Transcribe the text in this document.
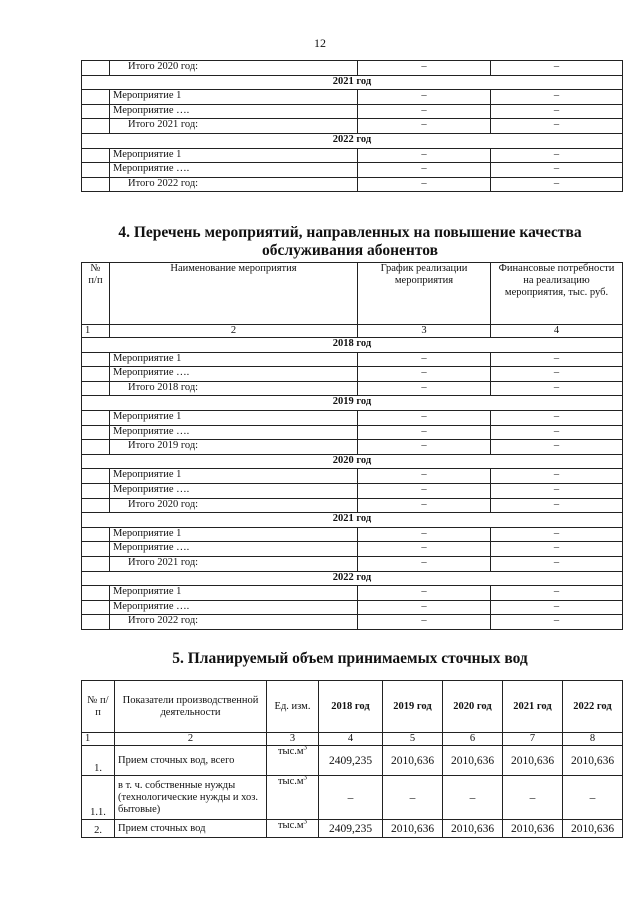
12
	Итого 2020 год:	–	–
2021 год			
	Мероприятие 1	–	–
	Мероприятие ….	–	–
	Итого 2021 год:	–	–
2022 год			
	Мероприятие 1	–	–
	Мероприятие ….	–	–
	Итого 2022 год:	–	–
4. Перечень мероприятий, направленных на повышение качества
обслуживания абонентов
№ п/п	Наименование мероприятия	График реализации мероприятия	Финансовые потребности на реализацию мероприятия, тыс. руб.
1	2	3	4
2018 год			
	Мероприятие 1	–	–
	Мероприятие ….	–	–
	Итого 2018 год:	–	–
2019 год			
	Мероприятие 1	–	–
	Мероприятие ….	–	–
	Итого 2019 год:	–	–
2020 год			
	Мероприятие 1	–	–
	Мероприятие ….	–	–
	Итого 2020 год:	–	–
2021 год			
	Мероприятие 1	–	–
	Мероприятие ….	–	–
	Итого 2021 год:	–	–
2022 год			
	Мероприятие 1	–	–
	Мероприятие ….	–	–
	Итого 2022 год:	–	–
5. Планируемый объем принимаемых сточных вод
№ п/п	Показатели производственной деятельности	Ед. изм.	2018 год	2019 год	2020 год	2021 год	2022 год
1	2	3	4	5	6	7	8
1.	Прием сточных вод, всего	$тыс.м^3$	2409,235	2010,636	2010,636	2010,636	2010,636
1.1.	в т. ч. собственные нужды (технологические нужды и хоз. бытовые)	$тыс.м^3$	–	–	–	–	–
2.	Прием сточных вод	$тыс.м^3$	2409,235	2010,636	2010,636	2010,636	2010,636
